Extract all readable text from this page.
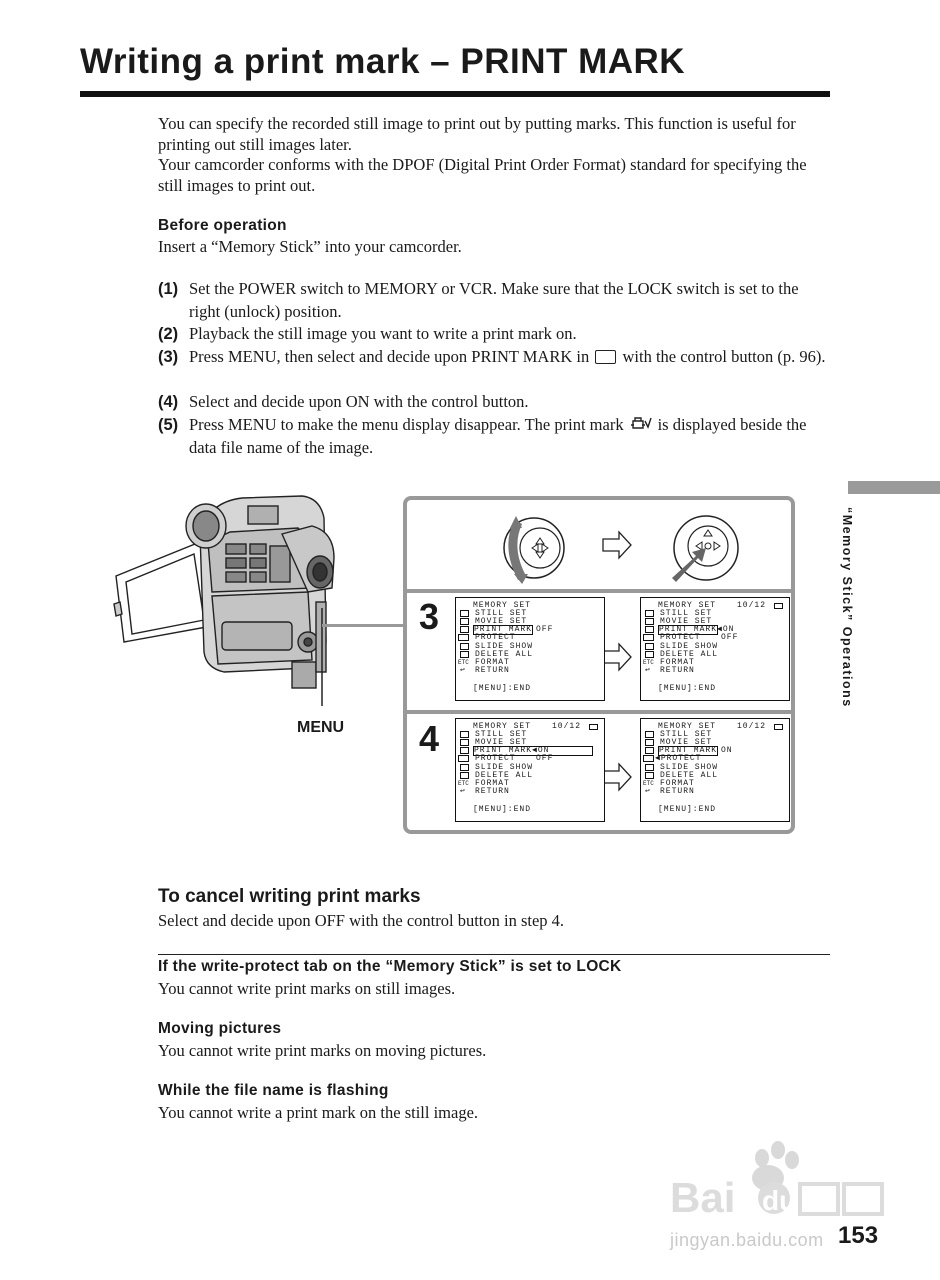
Writing a print mark – PRINT MARK
You can specify the recorded still image to print out by putting marks. This function is useful for printing out still images later.
Your camcorder conforms with the DPOF (Digital Print Order Format) standard for specifying the still images to print out.
Before operation
Insert a “Memory Stick” into your camcorder.
(1) Set the POWER switch to MEMORY or VCR. Make sure that the LOCK switch is set to the right (unlock) position.
(2) Playback the still image you want to write a print mark on.
(3) Press MENU, then select and decide upon PRINT MARK in with the control button (p. 96).
(4) Select and decide upon ON with the control button.
(5) Press MENU to make the menu display disappear. The print mark is displayed beside the data file name of the image.
“Memory Stick” Operations
MENU
3
4
MEMORY SET
STILL SET
MOVIE SET
PRINT MARK OFF
PROTECT
SLIDE SHOW
DELETE ALL
ETC FORMAT
↩ RETURN
[MENU]:END
MEMORY SET	10/12
STILL SET
MOVIE SET
PRINT MARK ◀ON
PROTECT	OFF
SLIDE SHOW
DELETE ALL
ETC FORMAT
↩ RETURN
[MENU]:END
MEMORY SET	10/12
STILL SET
MOVIE SET
PRINT MARK◀ON
PROTECT	OFF
SLIDE SHOW
DELETE ALL
ETC FORMAT
↩ RETURN
[MENU]:END
MEMORY SET	10/12
STILL SET
MOVIE SET
PRINT MARK ON
◀PROTECT
SLIDE SHOW
DELETE ALL
ETC FORMAT
↩ RETURN
[MENU]:END
To cancel writing print marks
Select and decide upon OFF with the control button in step 4.
If the write-protect tab on the “Memory Stick” is set to LOCK
You cannot write print marks on still images.
Moving pictures
You cannot write print marks on moving pictures.
While the file name is flashing
You cannot write a print mark on the still image.
Bai du
jingyan.baidu.com 153
